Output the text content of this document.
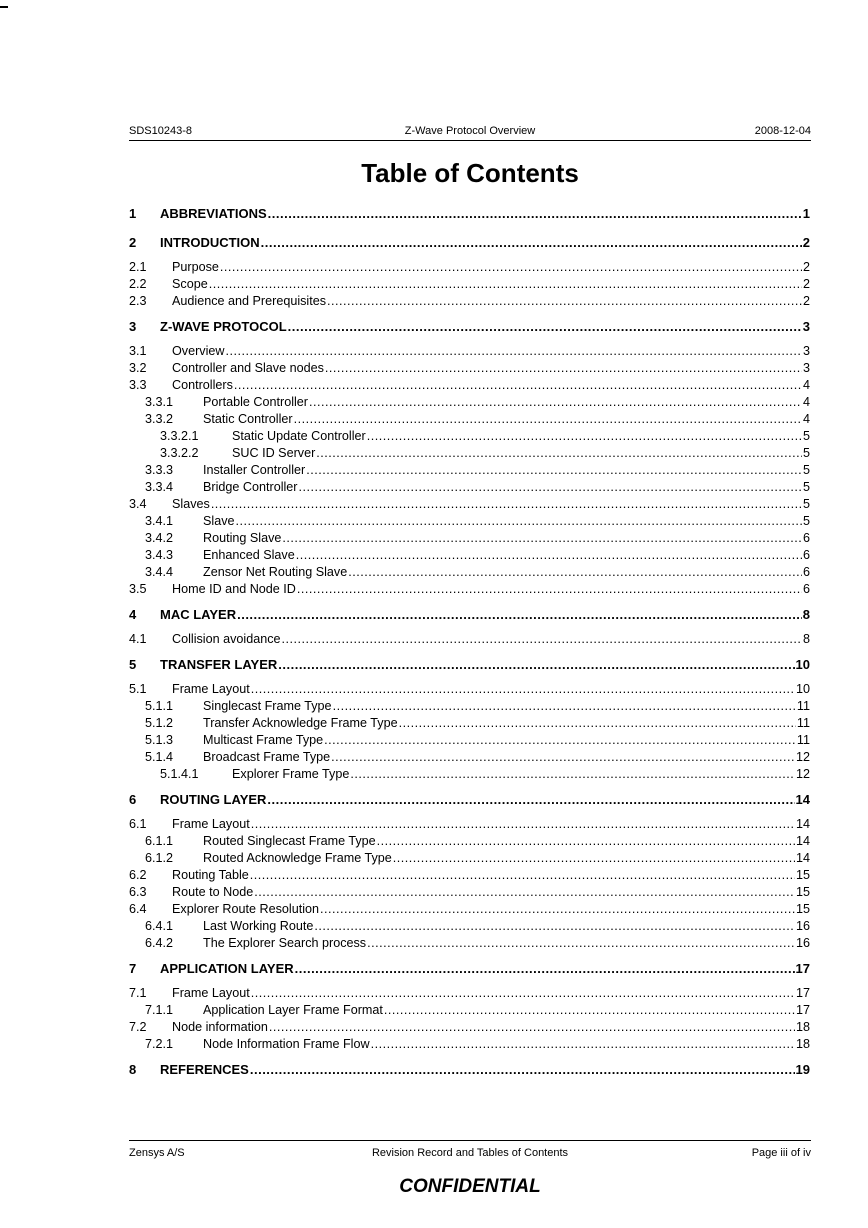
SDS10243-8	Z-Wave Protocol Overview	2008-12-04
Table of Contents
1	ABBREVIATIONS .....	1
2	INTRODUCTION .....	2
2.1	Purpose .....	2
2.2	Scope .....	2
2.3	Audience and Prerequisites .....	2
3	Z-WAVE PROTOCOL .....	3
3.1	Overview .....	3
3.2	Controller and Slave nodes .....	3
3.3	Controllers .....	4
3.3.1	Portable Controller .....	4
3.3.2	Static Controller .....	4
3.3.2.1	Static Update Controller .....	5
3.3.2.2	SUC ID Server .....	5
3.3.3	Installer Controller .....	5
3.3.4	Bridge Controller .....	5
3.4	Slaves .....	5
3.4.1	Slave .....	5
3.4.2	Routing Slave .....	6
3.4.3	Enhanced Slave .....	6
3.4.4	Zensor Net Routing Slave .....	6
3.5	Home ID and Node ID .....	6
4	MAC LAYER .....	8
4.1	Collision avoidance .....	8
5	TRANSFER LAYER .....	10
5.1	Frame Layout .....	10
5.1.1	Singlecast Frame Type .....	11
5.1.2	Transfer Acknowledge Frame Type .....	11
5.1.3	Multicast Frame Type .....	11
5.1.4	Broadcast Frame Type .....	12
5.1.4.1	Explorer Frame Type .....	12
6	ROUTING LAYER .....	14
6.1	Frame Layout .....	14
6.1.1	Routed Singlecast Frame Type .....	14
6.1.2	Routed Acknowledge Frame Type .....	14
6.2	Routing Table .....	15
6.3	Route to Node .....	15
6.4	Explorer Route Resolution .....	15
6.4.1	Last Working Route .....	16
6.4.2	The Explorer Search process .....	16
7	APPLICATION LAYER .....	17
7.1	Frame Layout .....	17
7.1.1	Application Layer Frame Format .....	17
7.2	Node information .....	18
7.2.1	Node Information Frame Flow .....	18
8	REFERENCES .....	19
Zensys A/S	Revision Record and Tables of Contents	Page iii of iv
CONFIDENTIAL
